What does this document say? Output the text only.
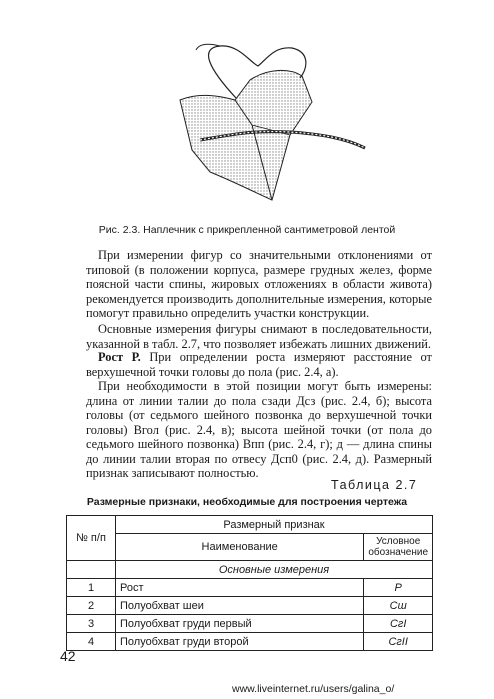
Рис. 2.3. Наплечник с прикрепленной сантиметровой лентой

При измерении фигур со значительными отклонениями от типовой (в положении корпуса, размере грудных желез, форме поясной части спины, жировых отложениях в области живота) рекомендуется производить дополнительные измерения, которые помогут правильно определить участки конструкции.

Основные измерения фигуры снимают в последовательности, указанной в табл. 2.7, что позволяет избежать лишних движений.

Рост Р. При определении роста измеряют расстояние от верхушечной точки головы до пола (рис. 2.4, а).

При необходимости в этой позиции могут быть измерены: длина от линии талии до пола сзади Дсз (рис. 2.4, б); высота головы (от седьмого шейного позвонка до верхушечной точки головы) Вгол (рис. 2.4, в); высота шейной точки (от пола до седьмого шейного позвонка) Впп (рис. 2.4, г); д — длина спины до линии талии вторая по отвесу Дсп0 (рис. 2.4, д). Размерный признак записывают полностью.

Таблица 2.7
Размерные признаки, необходимые для построения чертежа
№ п/п	Размерный признак	
	Наименование	Условное обозначение
	Основные измерения	
1	Рост	P
2	Полуобхват шеи	Сш
3	Полуобхват груди первый	СгI
4	Полуобхват груди второй	СгII
42
www.liveinternet.ru/users/galina_o/
